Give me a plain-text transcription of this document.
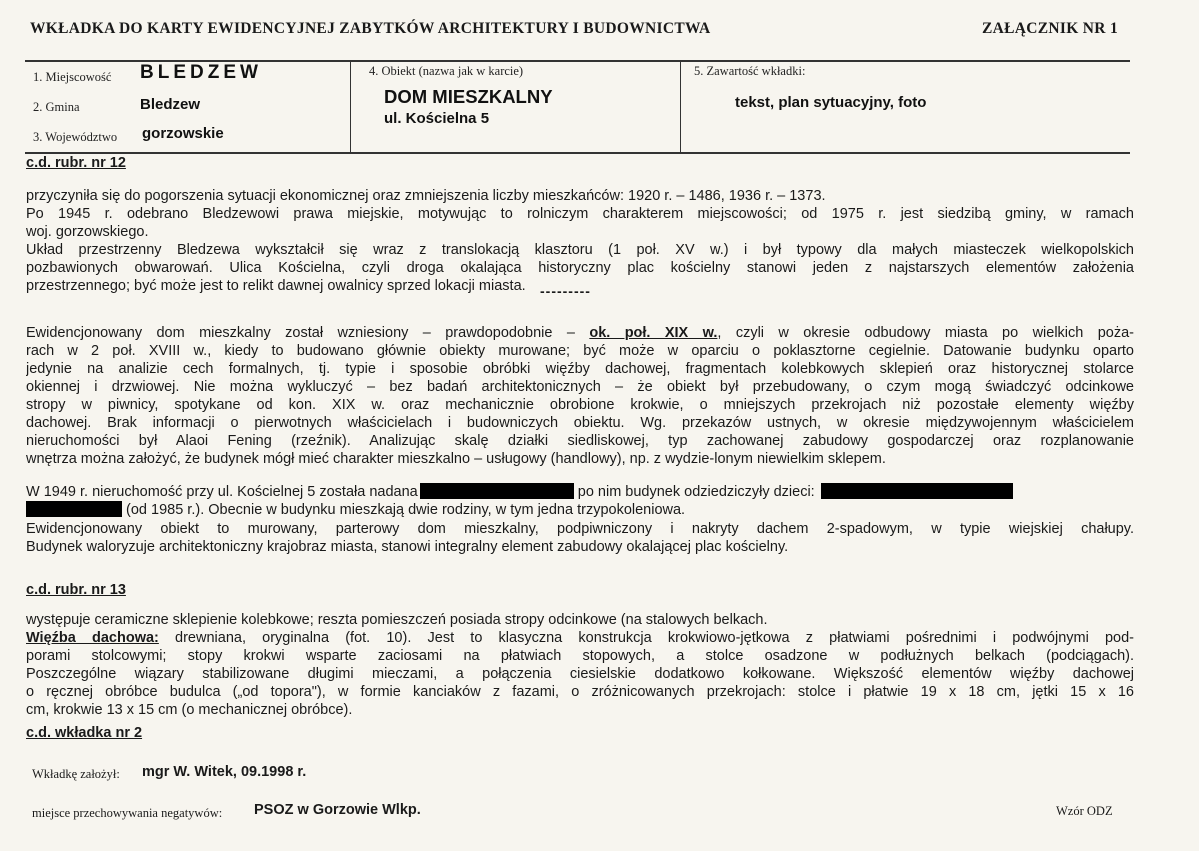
WKŁADKA DO KARTY EWIDENCYJNEJ ZABYTKÓW ARCHITEKTURY I BUDOWNICTWA	ZAŁĄCZNIK NR 1
1. Miejscowość BLEDZEW
2. Gmina	Bledzew
3. Województwo gorzowskie
4. Obiekt (nazwa jak w karcie)
DOM MIESZKALNY
ul. Kościelna 5
5. Zawartość wkładki:
tekst, plan sytuacyjny, foto
c.d. rubr. nr 12
przyczyniła się do pogorszenia sytuacji ekonomicznej oraz zmniejszenia liczby mieszkańców: 1920 r. – 1486, 1936 r. – 1373.
Po 1945 r. odebrano Bledzewowi prawa miejskie, motywując to rolniczym charakterem miejscowości; od 1975 r. jest siedzibą gminy, w ramach
woj. gorzowskiego.
Układ przestrzenny Bledzewa wykształcił się wraz z translokacją klasztoru (1 poł. XV w.) i był typowy dla małych miasteczek wielkopolskich
pozbawionych obwarowań. Ulica Kościelna, czyli droga okalająca historyczny plac kościelny stanowi jeden z najstarszych elementów założenia
przestrzennego; być może jest to relikt dawnej owalnicy sprzed lokacji miasta.	---------
Ewidencjonowany dom mieszkalny został wzniesiony – prawdopodobnie – ok. poł. XIX w., czyli w okresie odbudowy miasta po wielkich poża-
rach w 2 poł. XVIII w., kiedy to budowano głównie obiekty murowane; być może w oparciu o poklasztorne cegielnie. Datowanie budynku oparto
jedynie na analizie cech formalnych, tj. typie i sposobie obróbki więźby dachowej, fragmentach kolebkowych sklepień oraz historycznej stolarce
okiennej i drzwiowej. Nie można wykluczyć – bez badań architektonicznych – że obiekt był przebudowany, o czym mogą świadczyć odcinkowe
stropy w piwnicy, spotykane od kon. XIX w. oraz mechanicznie obrobione krokwie, o mniejszych przekrojach niż pozostałe elementy więźby
dachowej. Brak informacji o pierwotnych właścicielach i budowniczych obiektu. Wg. przekazów ustnych, w okresie międzywojennym właścicielem
nieruchomości był Alaoi Fening (rzeźnik). Analizując skalę działki siedliskowej, typ zachowanej zabudowy gospodarczej oraz rozplanowanie
wnętrza można założyć, że budynek mógł mieć charakter mieszkalno – usługowy (handlowy), np. z wydzie-lonym niewielkim sklepem.
W 1949 r. nieruchomość przy ul. Kościelnej 5 została nadana	po nim budynek odziedziczyły dzieci:
(od 1985 r.). Obecnie w budynku mieszkają dwie rodziny, w tym jedna trzypokoleniowa.
Ewidencjonowany obiekt to murowany, parterowy dom mieszkalny, podpiwniczony i nakryty dachem 2-spadowym, w typie wiejskiej chałupy.
Budynek waloryzuje architektoniczny krajobraz miasta, stanowi integralny element zabudowy okalającej plac kościelny.
c.d. rubr. nr 13
występuje ceramiczne sklepienie kolebkowe; reszta pomieszczeń posiada stropy odcinkowe (na stalowych belkach.
Więźba dachowa: drewniana, oryginalna (fot. 10). Jest to klasyczna konstrukcja krokwiowo-jętkowa z płatwiami pośrednimi i podwójnymi pod-
porami stolcowymi; stopy krokwi wsparte zaciosami na płatwiach stopowych, a stolce osadzone w podłużnych belkach (podciągach).
Poszczególne wiązary stabilizowane długimi mieczami, a połączenia ciesielskie dodatkowo kołkowane. Większość elementów więźby dachowej
o ręcznej obróbce budulca („od topora"), w formie kanciaków z fazami, o zróżnicowanych przekrojach: stolce i płatwie 19 x 18 cm, jętki 15 x 16
cm, krokwie 13 x 15 cm (o mechanicznej obróbce).
c.d. wkładka nr 2
Wkładkę założył: mgr W. Witek, 09.1998 r.
miejsce przechowywania negatywów: PSOZ w Gorzowie Wlkp.	Wzór ODZ
